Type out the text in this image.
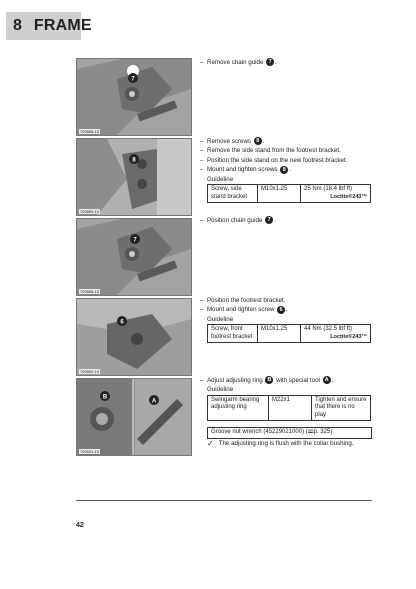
8 FRAME
7
700898-10
8
700899-10
7
700898-10
6
700900-10
B
A
700901-10
– Remove chain guide 7 .
– Remove screws 8 .
– Remove the side stand from the footrest bracket.
– Position the side stand on the new footrest bracket.
– Mount and tighten screws 8 .
Guideline
Screw, side stand bracket	M10x1.25	25 Nm (18.4 lbf ft)
Loctite®243™
– Position chain guide 7 .
– Position the footrest bracket.
– Mount and tighten screw 6 .
Guideline
Screw, front footrest bracket	M10x1.25	44 Nm (32.5 lbf ft)
Loctite®243™
– Adjust adjusting ring B with special tool A .
Guideline
Swingarm bearing adjusting ring	M22x1	Tighten and ensure that there is no play
Groove nut wrench (45229021000) (🕮p. 325)
✓ The adjusting ring is flush with the collar bushing.
42
